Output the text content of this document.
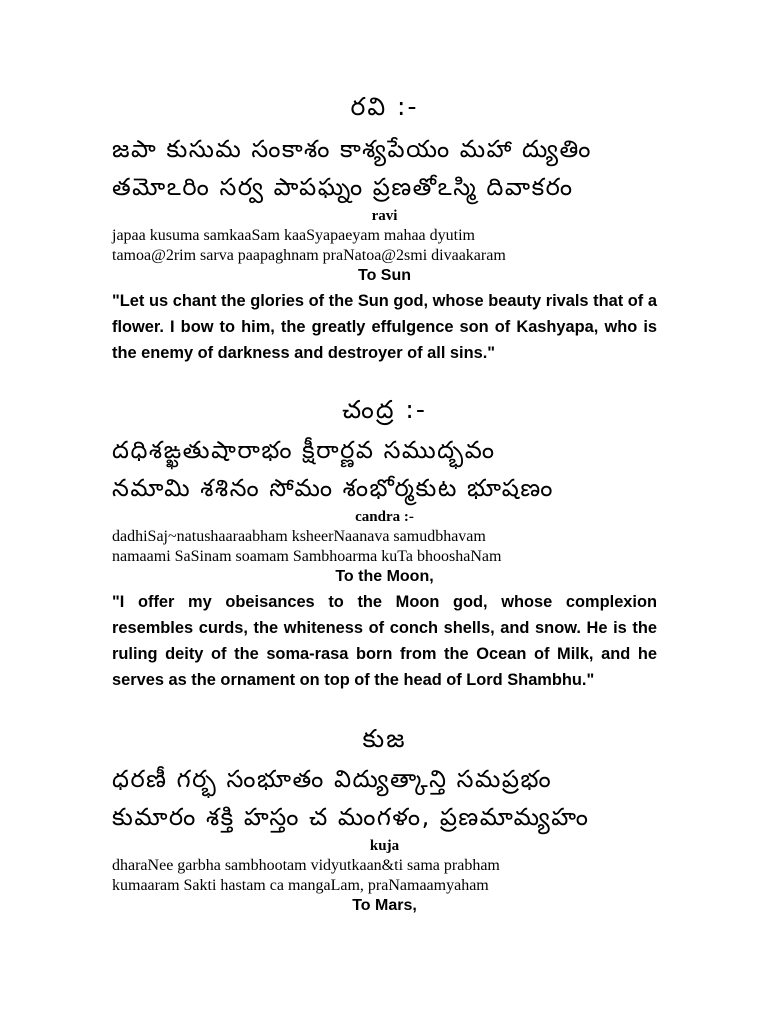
రవి :-

జపా కుసుమ సంకాశం కాశ్యపేయం మహా ద్యుతిం

తమోఽరిం సర్వ పాపఘ్నం ప్రణతోఽస్మి దివాకరం

ravi

japaa kusuma samkaaSam kaaSyapaeyam mahaa dyutim

tamoa@2rim sarva paapaghnam praNatoa@2smi divaakaram

To Sun

"Let us chant the glories of the Sun god, whose beauty rivals that of a flower. I bow to him, the greatly effulgence son of Kashyapa, who is the enemy of darkness and destroyer of all sins."

చంద్ర :-

దధిశఙ్ఖతుషారాభం క్షీరార్ణవ సముద్భవం

నమామి శశినం సోమం శంభోర్మకుట భూషణం

candra :-

dadhiSaj~natushaaraabham ksheerNaanava samudbhavam

namaami SaSinam soamam Sambhoarma kuTa bhooshaNam

To the Moon,

"I offer my obeisances to the Moon god, whose complexion resembles curds, the whiteness of conch shells, and snow. He is the ruling deity of the soma-rasa born from the Ocean of Milk, and he serves as the ornament on top of the head of Lord Shambhu."

కుజ

ధరణీ గర్భ సంభూతం విద్యుత్కాన్తి సమప్రభం

కుమారం శక్తి హస్తం చ మంగళం, ప్రణమామ్యహం

kuja

dharaNee garbha sambhootam vidyutkaan&ti sama prabham

kumaaram Sakti hastam ca mangaLam, praNamaamyaham

To Mars,
